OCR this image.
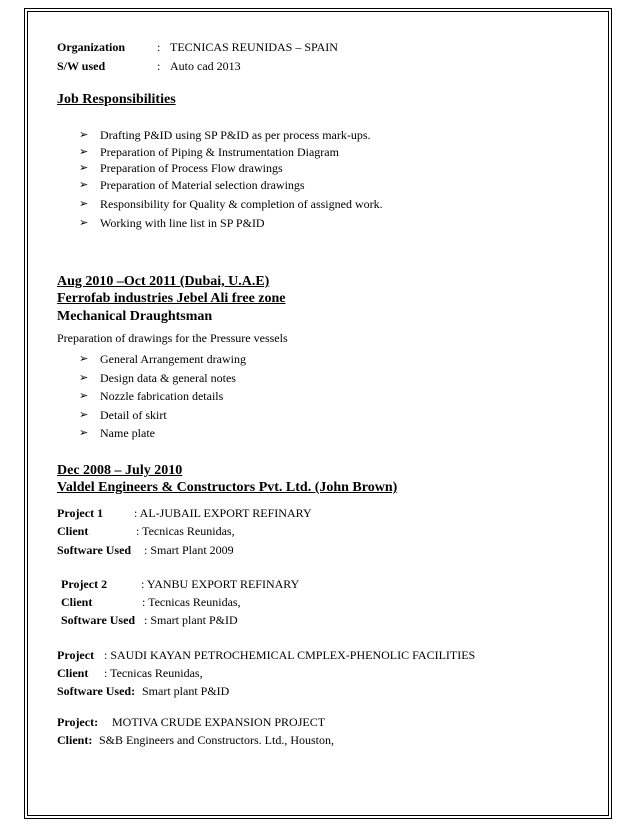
Organization	: TECNICAS REUNIDAS – SPAIN
S/W used	: Auto cad 2013
Job Responsibilities
➢ Drafting P&ID using SP P&ID as per process mark-ups.
➢ Preparation of Piping & Instrumentation Diagram
➢ Preparation of Process Flow drawings
➢ Preparation of Material selection drawings
➢ Responsibility for Quality & completion of assigned work.
➢ Working with line list in SP P&ID
Aug 2010 –Oct 2011 (Dubai, U.A.E)
Ferrofab industries Jebel Ali free zone
Mechanical Draughtsman
Preparation of drawings for the Pressure vessels
➢ General Arrangement drawing
➢ Design data & general notes
➢ Nozzle fabrication details
➢ Detail of skirt
➢ Name plate
Dec 2008 – July 2010
Valdel Engineers & Constructors Pvt. Ltd. (John Brown)
Project 1	: AL-JUBAIL EXPORT REFINARY
Client	: Tecnicas Reunidas,
Software Used : Smart Plant 2009
Project 2	: YANBU EXPORT REFINARY
Client	: Tecnicas Reunidas,
Software Used : Smart plant P&ID
Project : SAUDI KAYAN PETROCHEMICAL CMPLEX-PHENOLIC FACILITIES
Client : Tecnicas Reunidas,
Software Used: Smart plant P&ID
Project: MOTIVA CRUDE EXPANSION PROJECT
Client: S&B Engineers and Constructors. Ltd., Houston,
